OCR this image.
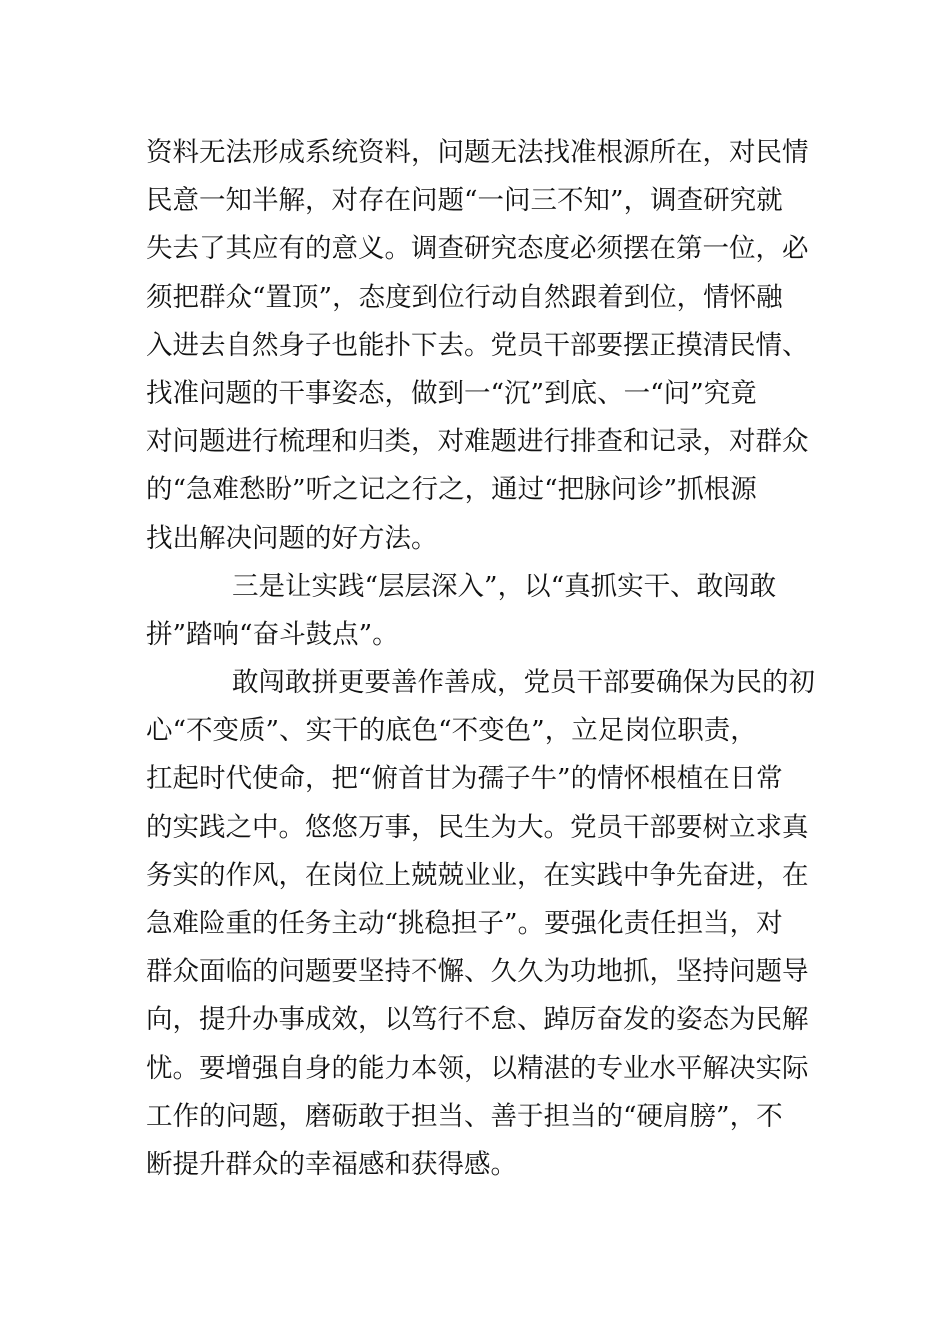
资料无法形成系统资料，问题无法找准根源所在，对民情
民意一知半解，对存在问题“一问三不知”，调查研究就
失去了其应有的意义。调查研究态度必须摆在第一位，必
须把群众“置顶”，态度到位行动自然跟着到位，情怀融
入进去自然身子也能扑下去。党员干部要摆正摸清民情、
找准问题的干事姿态，做到一“沉”到底、一“问”究竟
对问题进行梳理和归类，对难题进行排查和记录，对群众
的“急难愁盼”听之记之行之，通过“把脉问诊”抓根源
找出解决问题的好方法。
三是让实践“层层深入”，以“真抓实干、敢闯敢
拼”踏响“奋斗鼓点”。
敢闯敢拼更要善作善成，党员干部要确保为民的初
心“不变质”、实干的底色“不变色”，立足岗位职责，
扛起时代使命，把“俯首甘为孺子牛”的情怀根植在日常
的实践之中。悠悠万事，民生为大。党员干部要树立求真
务实的作风，在岗位上兢兢业业，在实践中争先奋进，在
急难险重的任务主动“挑稳担子”。要强化责任担当，对
群众面临的问题要坚持不懈、久久为功地抓，坚持问题导
向，提升办事成效，以笃行不怠、踔厉奋发的姿态为民解
忧。要增强自身的能力本领，以精湛的专业水平解决实际
工作的问题，磨砺敢于担当、善于担当的“硬肩膀”，不
断提升群众的幸福感和获得感。
